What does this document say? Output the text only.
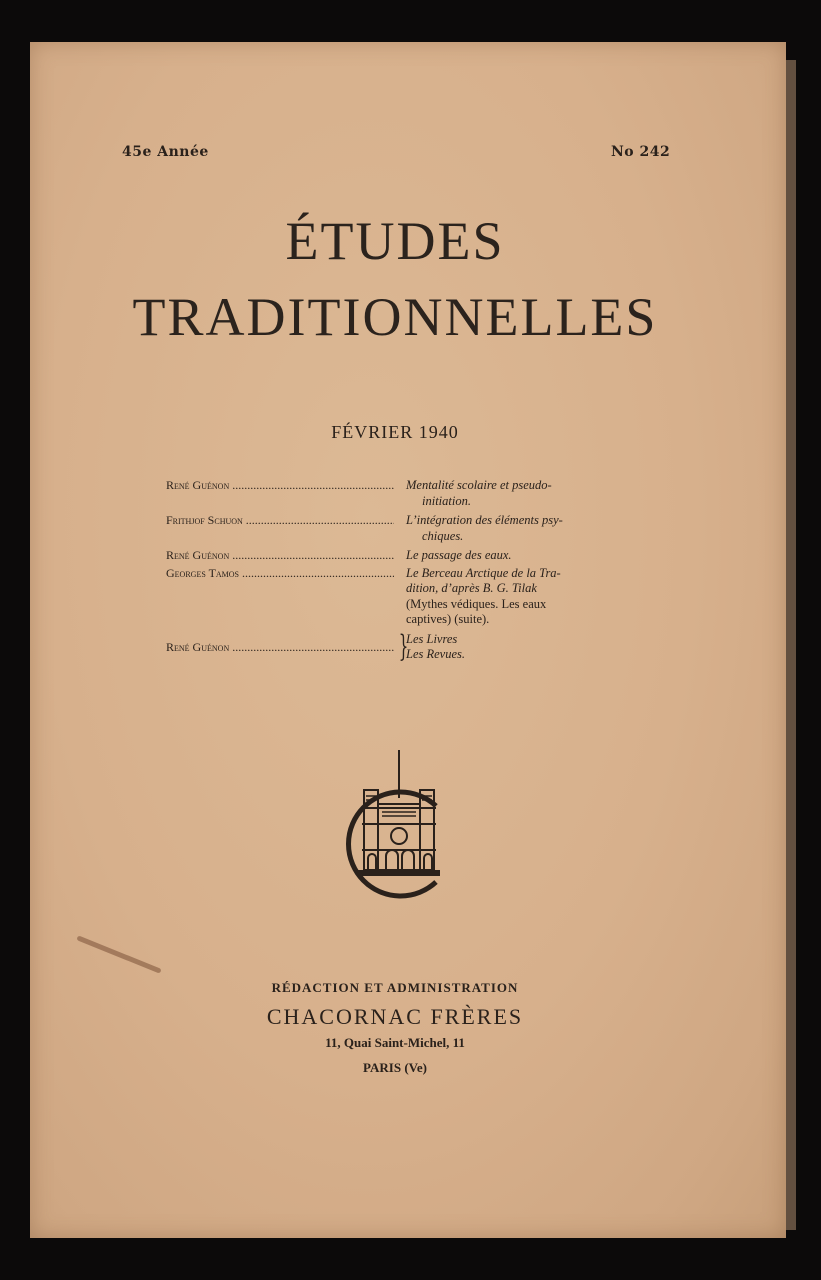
45e Année	No 242
ÉTUDES
TRADITIONNELLES
FÉVRIER 1940
René Guénon .....	Mentalité scolaire et pseudo-
initiation.
Frithjof Schuon .....	L’intégration des éléments psy-
chiques.
René Guénon .....	Le passage des eaux.
Georges Tamos .....	Le Berceau Arctique de la Tra-
dition, d’après B. G. Tilak
(Mythes védiques. Les eaux
captives) (suite).
René Guénon .....	}
Les Livres
Les Revues.
RÉDACTION ET ADMINISTRATION
CHACORNAC FRÈRES
11, Quai Saint-Michel, 11
PARIS (Ve)
